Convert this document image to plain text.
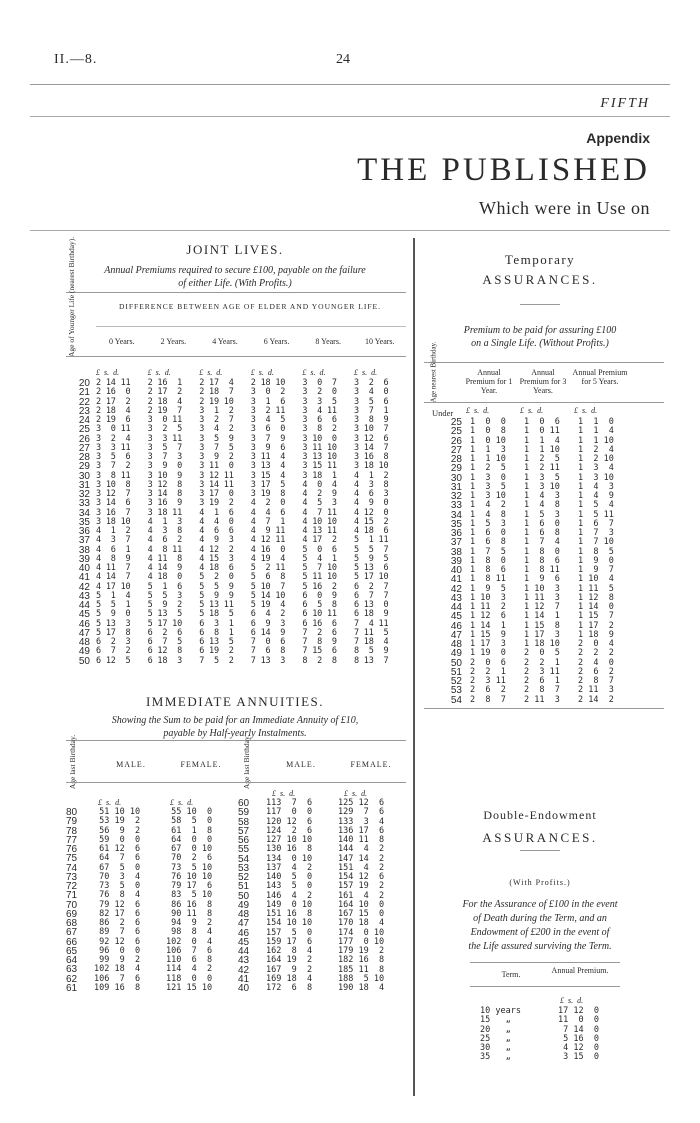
II.—8.	24
FIFTH
Appendix
THE PUBLISHED
Which were in Use on
JOINT LIVES.
Annual Premiums required to secure £100, payable on the failure
of either Life. (With Profits.)
Age of Younger Life (nearest Birthday).	DIFFERENCE BETWEEN AGE OF ELDER AND YOUNGER LIFE.
0 Years.	2 Years.	4 Years.	6 Years.	8 Years.	10 Years.
£  s.  d.	£  s.  d.	£  s.  d.	£  s.  d.	£  s.  d.	£  s.  d.
20	2 14 11	2 16  1	2 17  4	2 18 10	3  0  7	3  2  6
21	2 16  0	2 17  2	2 18  7	3  0  2	3  2  0	3  4  0
22	2 17  2	2 18  4	2 19 10	3  1  6	3  3  5	3  5  6
23	2 18  4	2 19  7	3  1  2	3  2 11	3  4 11	3  7  1
24	2 19  6	3  0 11	3  2  7	3  4  5	3  6  6	3  8  9
25	3  0 11	3  2  5	3  4  2	3  6  0	3  8  2	3 10  7
26	3  2  4	3  3 11	3  5  9	3  7  9	3 10  0	3 12  6
27	3  3 11	3  5  7	3  7  5	3  9  6	3 11 10	3 14  7
28	3  5  6	3  7  3	3  9  2	3 11  4	3 13 10	3 16  8
29	3  7  2	3  9  0	3 11  0	3 13  4	3 15 11	3 18 10
30	3  8 11	3 10  9	3 12 11	3 15  4	3 18  1	4  1  2
31	3 10  8	3 12  8	3 14 11	3 17  5	4  0  4	4  3  8
32	3 12  7	3 14  8	3 17  0	3 19  8	4  2  9	4  6  3
33	3 14  6	3 16  9	3 19  2	4  2  0	4  5  3	4  9  0
34	3 16  7	3 18 11	4  1  6	4  4  6	4  7 11	4 12  0
35	3 18 10	4  1  3	4  4  0	4  7  1	4 10 10	4 15  2
36	4  1  2	4  3  8	4  6  6	4  9 11	4 13 11	4 18  6
37	4  3  7	4  6  2	4  9  3	4 12 11	4 17  2	5  1 11
38	4  6  1	4  8 11	4 12  2	4 16  0	5  0  6	5  5  7
39	4  8  9	4 11  8	4 15  3	4 19  4	5  4  1	5  9  5
40	4 11  7	4 14  9	4 18  6	5  2 11	5  7 10	5 13  6
41	4 14  7	4 18  0	5  2  0	5  6  8	5 11 10	5 17 10
42	4 17 10	5  1  6	5  5  9	5 10  7	5 16  2	6  2  7
43	5  1  4	5  5  3	5  9  9	5 14 10	6  0  9	6  7  7
44	5  5  1	5  9  2	5 13 11	5 19  4	6  5  8	6 13  0
45	5  9  0	5 13  5	5 18  5	6  4  2	6 10 11	6 18  9
46	5 13  3	5 17 10	6  3  1	6  9  3	6 16  6	7  4 11
47	5 17  8	6  2  6	6  8  1	6 14  9	7  2  6	7 11  5
48	6  2  3	6  7  5	6 13  5	7  0  6	7  8  9	7 18  4
49	6  7  2	6 12  8	6 19  2	7  6  8	7 15  6	8  5  9
50	6 12  5	6 18  3	7  5  2	7 13  3	8  2  8	8 13  7
IMMEDIATE ANNUITIES.
Showing the Sum to be paid for an Immediate Annuity of £10,
payable by Half-yearly Instalments.
Age last Birthday.	MALE.	FEMALE.	Age last Birthday.	MALE.	FEMALE.
£  s.  d.	£  s.  d.
£  s.  d.	£  s.  d.
80	51 10 10	55 10  0
79	53 19  2	58  5  0
78	56  9  2	61  1  8
77	59  0  0	64  0  0
76	61 12  6	67  0 10
75	64  7  6	70  2  6
74	67  5  0	73  5 10
73	70  3  4	76 10 10
72	73  5  0	79 17  6
71	76  8  4	83  5 10
70	79 12  6	86 16  8
69	82 17  6	90 11  8
68	86  2  6	94  9  2
67	89  7  6	98  8  4
66	92 12  6	102  0  4
65	96  0  0	106  7  6
64	99  9  2	110  6  8
63	102 18  4	114  4  2
62	106  7  6	118  0  0
61	109 16  8	121 15 10
60	113  7  6	125 12  6
59	117  0  0	129  7  6
58	120 12  6	133  3  4
57	124  2  6	136 17  6
56	127 10 10	140 11  8
55	130 16  8	144  4  2
54	134  0 10	147 14  2
53	137  4  2	151  4  2
52	140  5  0	154 12  6
51	143  5  0	157 19  2
50	146  4  2	161  4  2
49	149  0 10	164 10  0
48	151 16  8	167 15  0
47	154 10 10	170 18  4
46	157  5  0	174  0 10
45	159 17  6	177  0 10
44	162  8  4	179 19  2
43	164 19  2	182 16  8
42	167  9  2	185 11  8
41	169 18  4	188  5 10
40	172  6  8	190 18  4
Temporary
ASSURANCES.
Premium to be paid for assuring £100
on a Single Life. (Without Profits.)
Age nearest Birthday.	Annual Premium for 1 Year.
Annual Premium for 3 Years.
Annual Premium for 5 Years.
Under £  s.  d.	£  s.  d.	£  s.  d.
25	1  0  0	1  0  6	1  1  0
25	1  0  8	1  0 11	1  1  4
26	1  0 10	1  1  4	1  1 10
27	1  1  3	1  1 10	1  2  4
28	1  1 10	1  2  5	1  2 10
29	1  2  5	1  2 11	1  3  4
30	1  3  0	1  3  5	1  3 10
31	1  3  5	1  3 10	1  4  3
32	1  3 10	1  4  3	1  4  9
33	1  4  2	1  4  8	1  5  4
34	1  4  8	1  5  3	1  5 11
35	1  5  3	1  6  0	1  6  7
36	1  6  0	1  6  8	1  7  3
37	1  6  8	1  7  4	1  7 10
38	1  7  5	1  8  0	1  8  5
39	1  8  0	1  8  6	1  9  0
40	1  8  6	1  8 11	1  9  7
41	1  8 11	1  9  6	1 10  4
42	1  9  5	1 10  3	1 11  5
43	1 10  3	1 11  3	1 12  8
44	1 11  2	1 12  7	1 14  0
45	1 12  6	1 14  1	1 15  7
46	1 14  1	1 15  8	1 17  2
47	1 15  9	1 17  3	1 18  9
48	1 17  3	1 18 10	2  0  4
49	1 19  0	2  0  5	2  2  2
50	2  0  6	2  2  1	2  4  0
51	2  2  1	2  3 11	2  6  2
52	2  3 11	2  6  1	2  8  7
53	2  6  2	2  8  7	2 11  3
54	2  8  7	2 11  3	2 14  2
Double-Endowment
ASSURANCES.
(With Profits.)
For the Assurance of £100 in the event
of Death during the Term, and an
Endowment of £200 in the event of
the Life assured surviving the Term.
Term.	Annual Premium.
£  s.  d.
10 years	17 12  0
15   „	11  0  0
20   „	7 14  0
25   „	5 16  0
30   „	4 12  0
35   „	3 15  0
